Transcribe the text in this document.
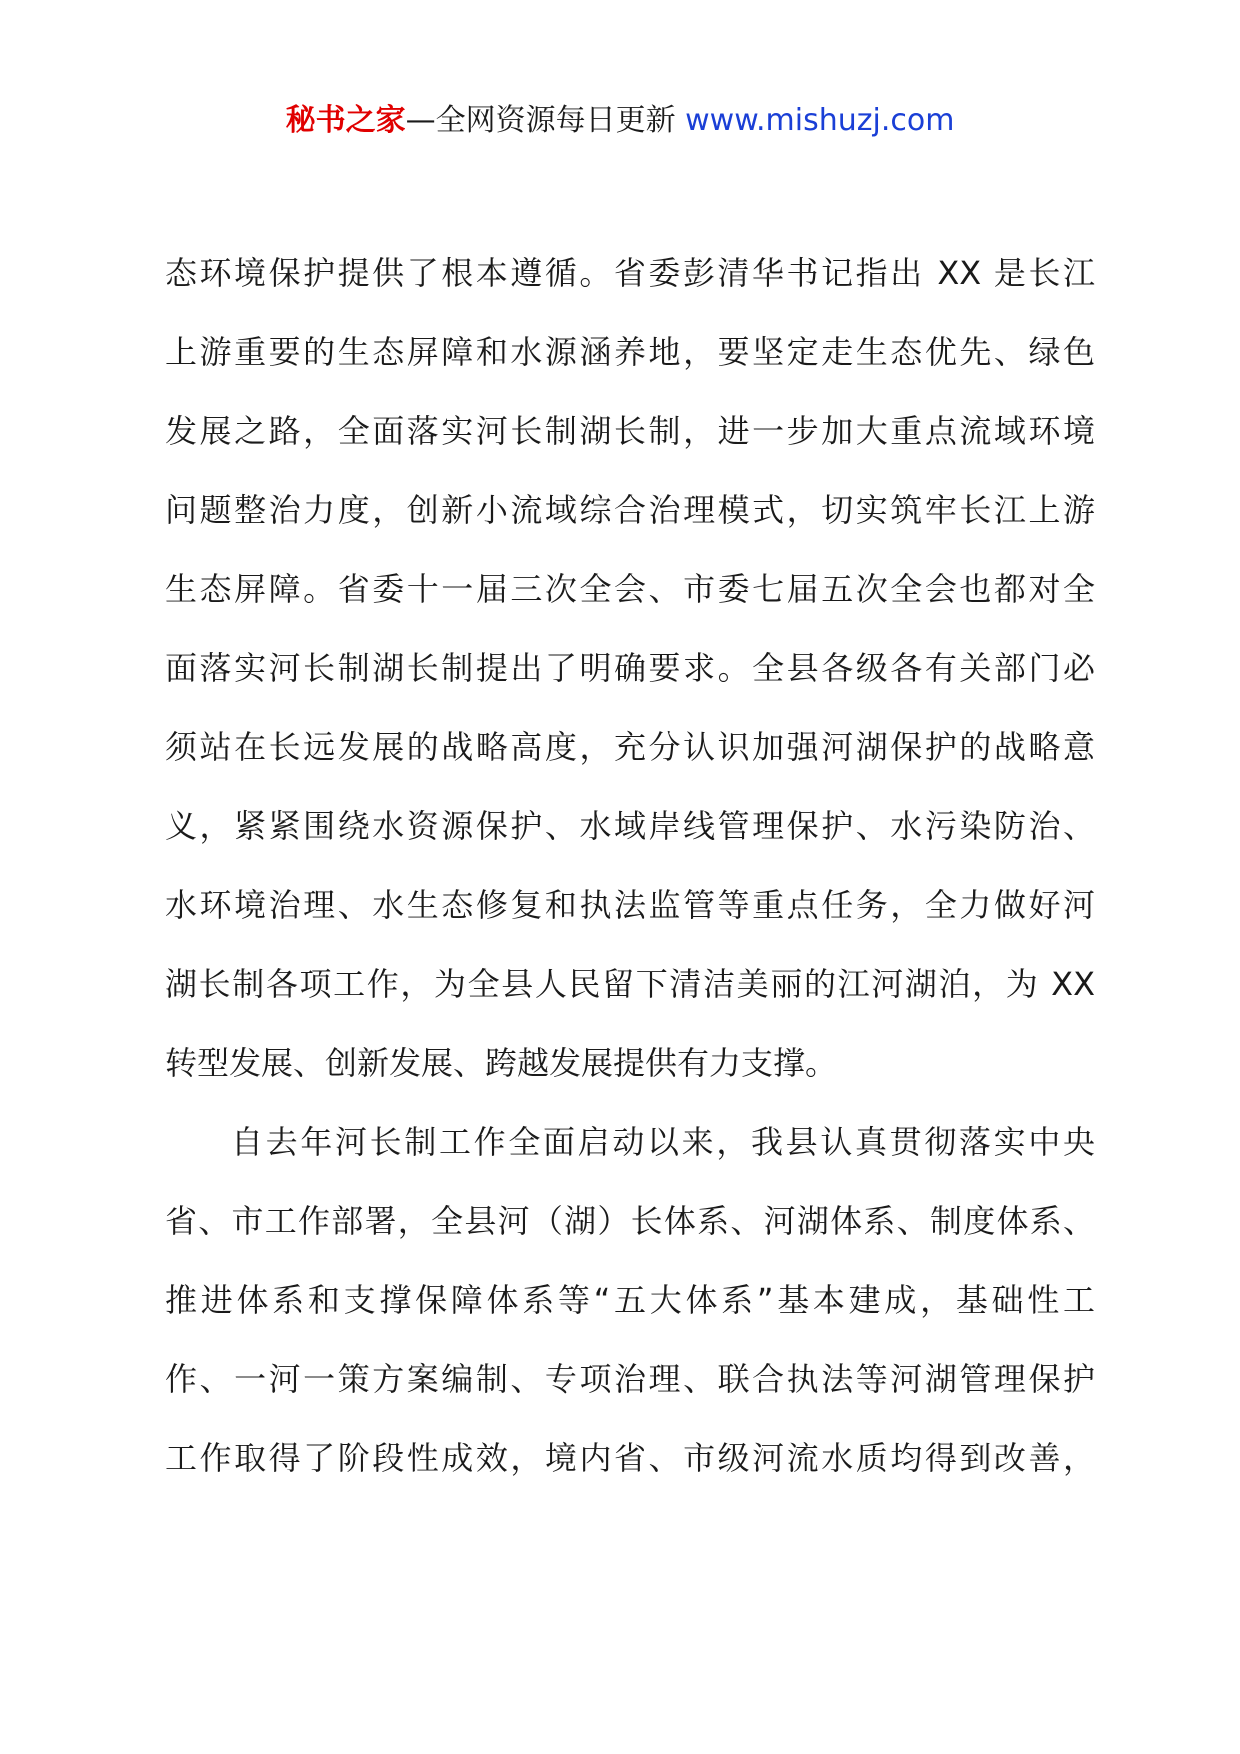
秘书之家—全网资源每日更新 www.mishuzj.com
态环境保护提供了根本遵循。省委彭清华书记指出 XX 是长江
上游重要的生态屏障和水源涵养地，要坚定走生态优先、绿色
发展之路，全面落实河长制湖长制，进一步加大重点流域环境
问题整治力度，创新小流域综合治理模式，切实筑牢长江上游
生态屏障。省委十一届三次全会、市委七届五次全会也都对全
面落实河长制湖长制提出了明确要求。全县各级各有关部门必
须站在长远发展的战略高度，充分认识加强河湖保护的战略意
义，紧紧围绕水资源保护、水域岸线管理保护、水污染防治、
水环境治理、水生态修复和执法监管等重点任务，全力做好河
湖长制各项工作，为全县人民留下清洁美丽的江河湖泊，为 XX
转型发展、创新发展、跨越发展提供有力支撑。
自去年河长制工作全面启动以来，我县认真贯彻落实中央
省、市工作部署，全县河（湖）长体系、河湖体系、制度体系、
推进体系和支撑保障体系等“五大体系”基本建成，基础性工
作、一河一策方案编制、专项治理、联合执法等河湖管理保护
工作取得了阶段性成效，境内省、市级河流水质均得到改善，
